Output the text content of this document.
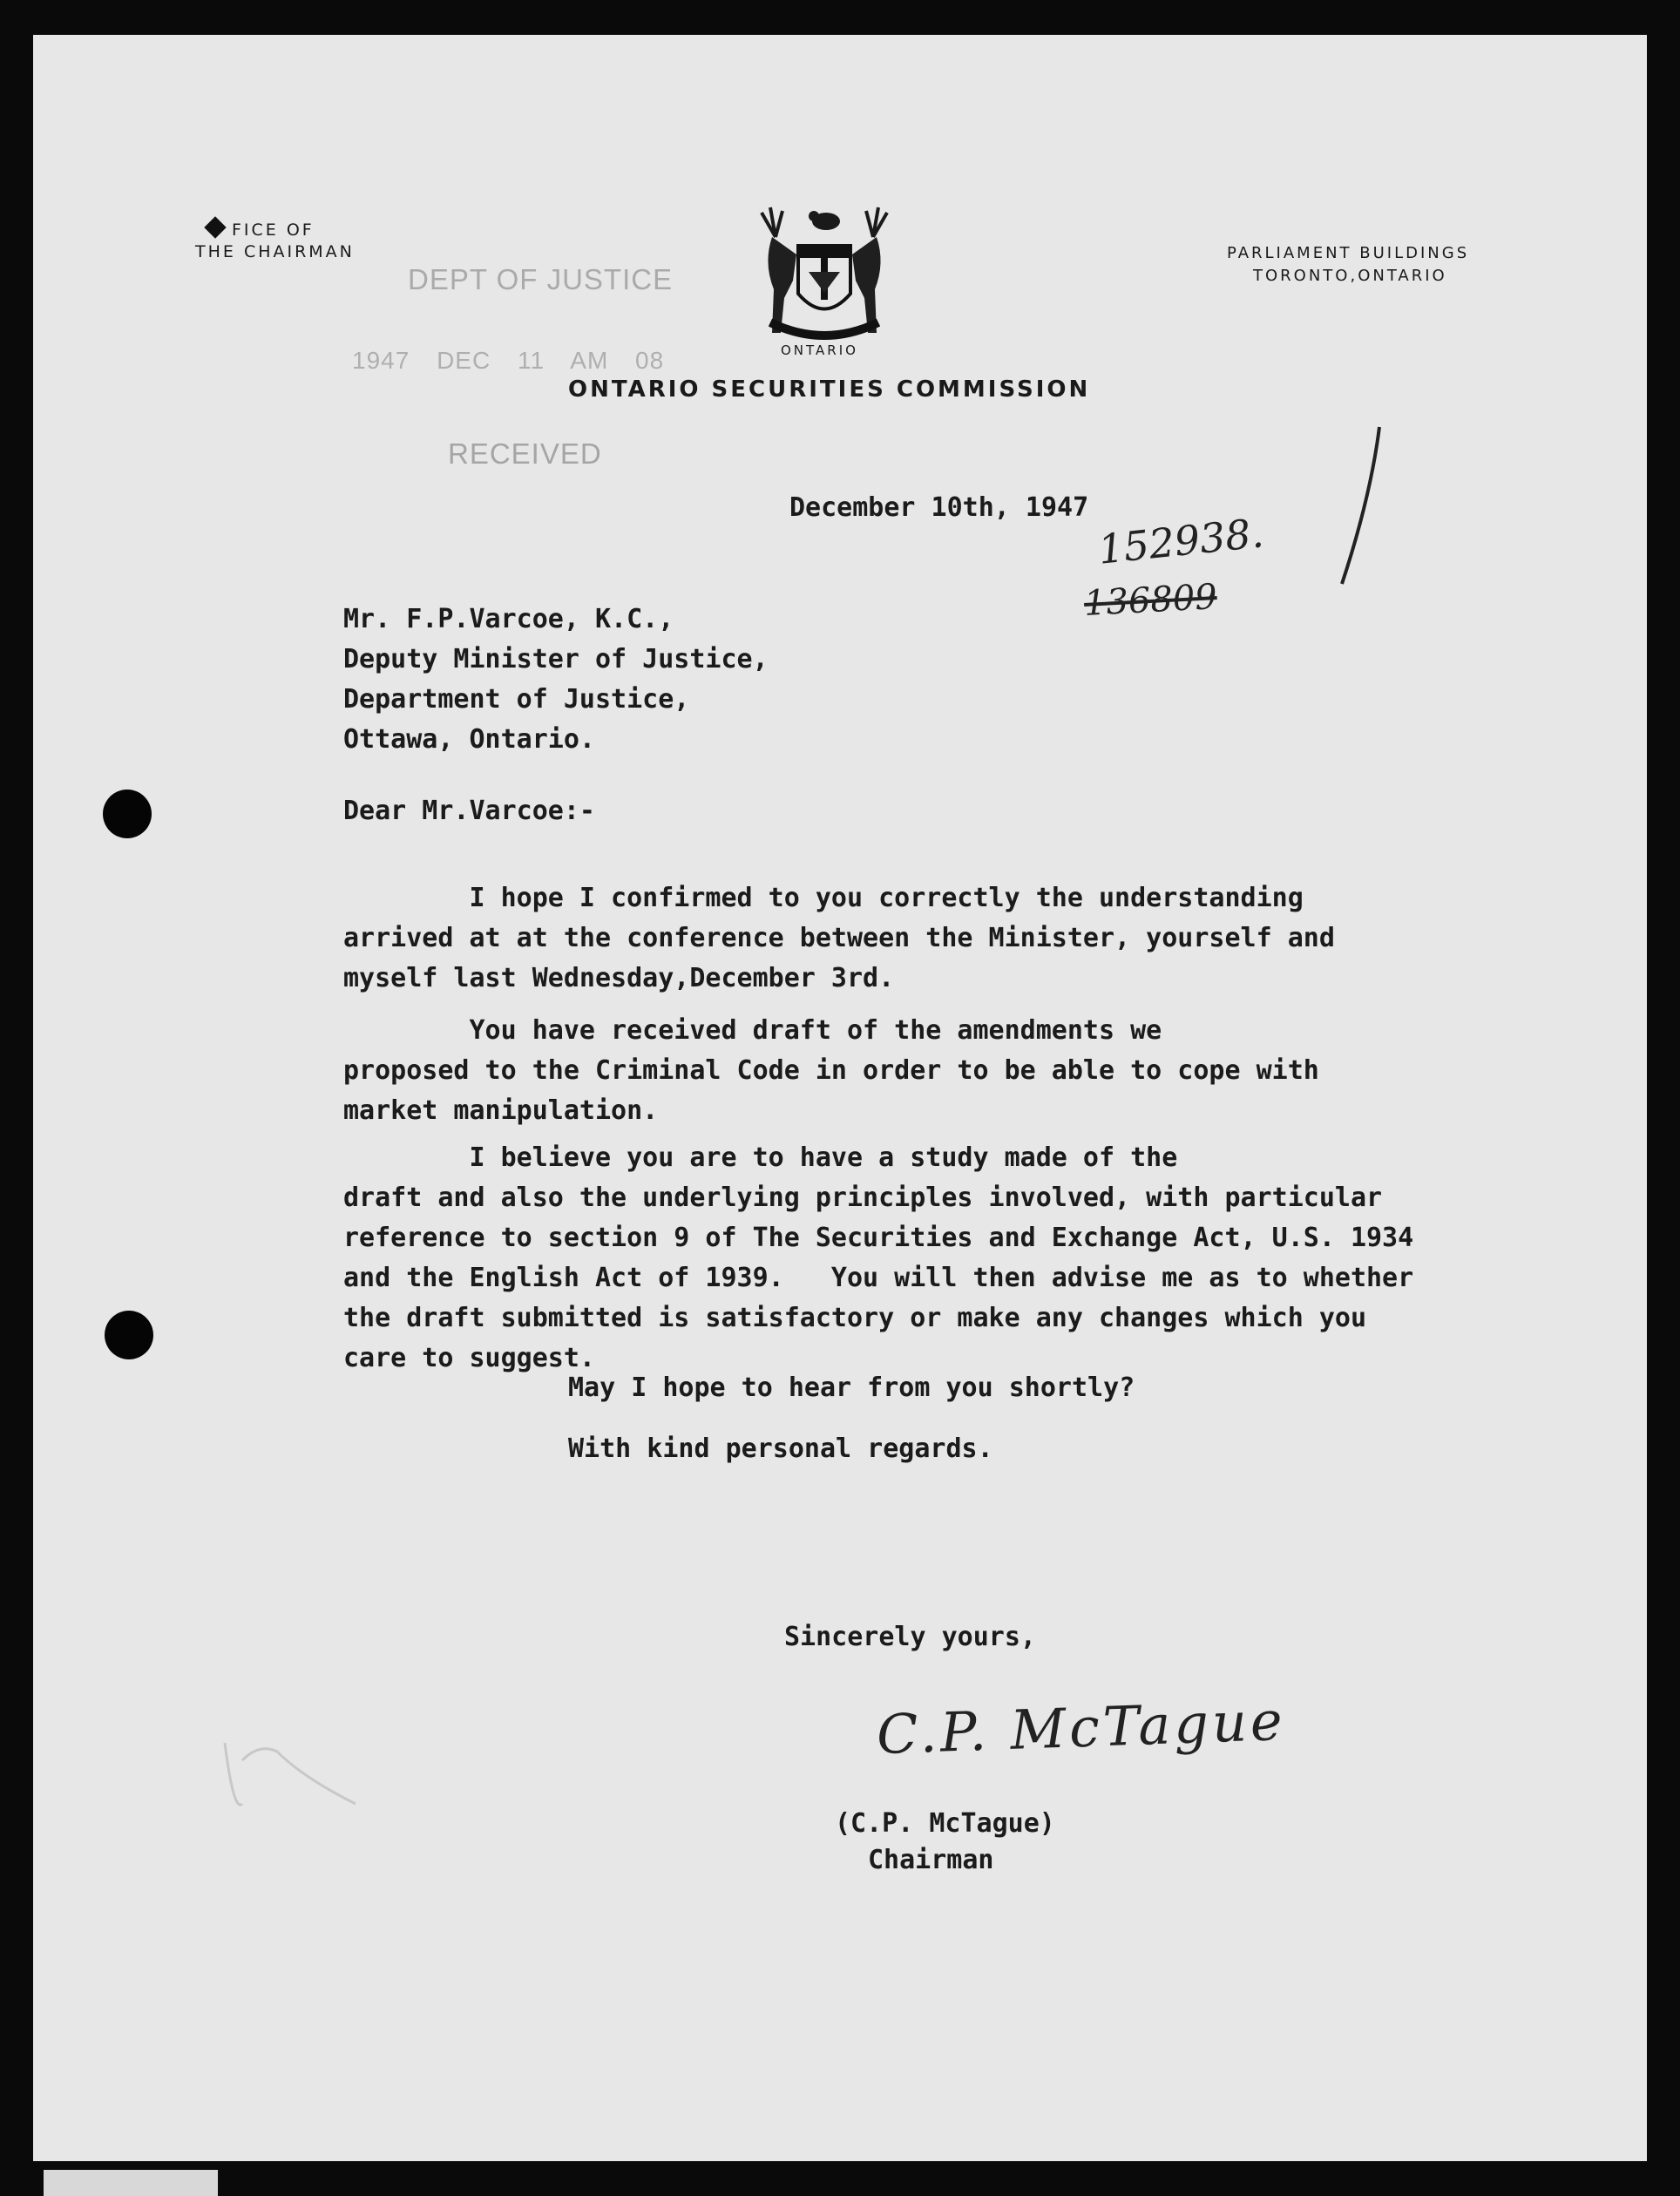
FICE OF
THE CHAIRMAN	PARLIAMENT BUILDINGS
TORONTO,ONTARIO
ONTARIO
ONTARIO SECURITIES COMMISSION
DEPT OF JUSTICE
1947 DEC 11 AM 08
RECEIVED
December 10th, 1947
152938.
136809
Mr. F.P.Varcoe, K.C.,
Deputy Minister of Justice,
Department of Justice,
Ottawa, Ontario.
Dear Mr.Varcoe:-
I hope I confirmed to you correctly the understanding
arrived at at the conference between the Minister, yourself and
myself last Wednesday,December 3rd.
You have received draft of the amendments we
proposed to the Criminal Code in order to be able to cope with
market manipulation.
I believe you are to have a study made of the
draft and also the underlying principles involved, with particular
reference to section 9 of The Securities and Exchange Act, U.S. 1934
and the English Act of 1939.   You will then advise me as to whether
the draft submitted is satisfactory or make any changes which you
care to suggest.
May I hope to hear from you shortly?
With kind personal regards.
Sincerely yours,
C.P. McTague
(C.P. McTague)
Chairman
